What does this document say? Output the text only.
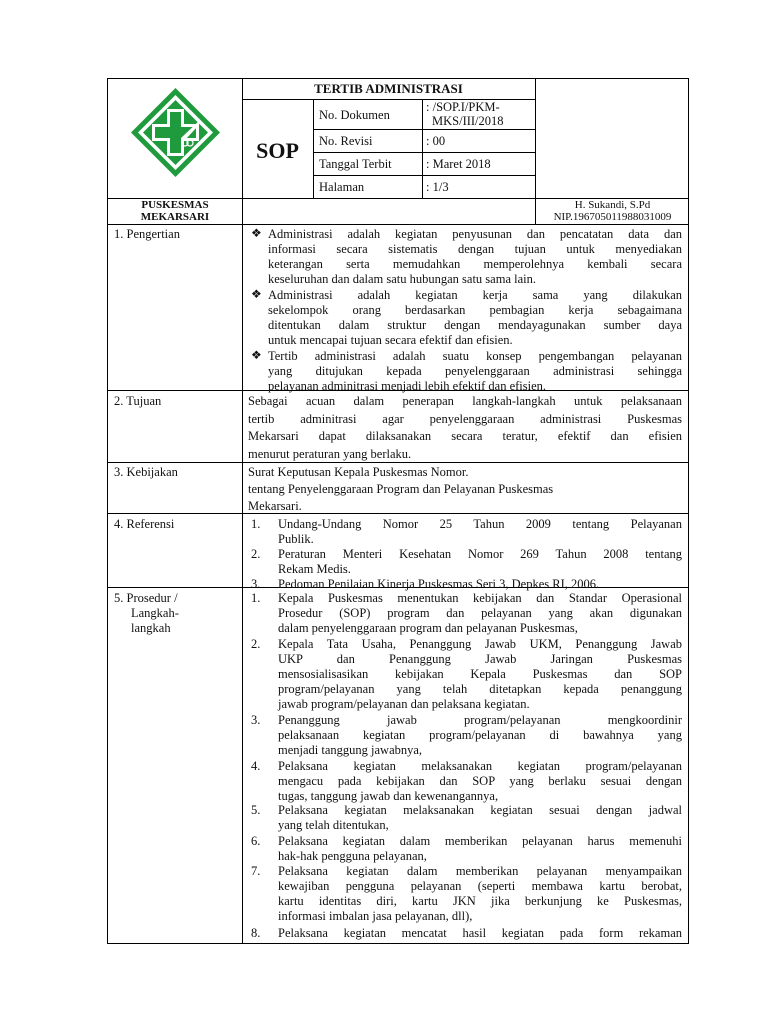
TERTIB ADMINISTRASI
SOP
No. Dokumen
: /SOP.I/PKM-
MKS/III/2018
No. Revisi	: 00
Tanggal Terbit	: Maret 2018
Halaman	: 1/3
PUSKESMAS
MEKARSARI
H. Sukandi, S.Pd
NIP.196705011988031009
1. Pengertian	❖ Administrasi adalah kegiatan penyusunan dan pencatatan data dan
informasi secara sistematis dengan tujuan untuk menyediakan
keterangan serta memudahkan memperolehnya kembali secara
keseluruhan dan dalam satu hubungan satu sama lain.
❖ Administrasi adalah kegiatan kerja sama yang dilakukan
sekelompok orang berdasarkan pembagian kerja sebagaimana
ditentukan dalam struktur dengan mendayagunakan sumber daya
untuk mencapai tujuan secara efektif dan efisien.
❖ Tertib administrasi adalah suatu konsep pengembangan pelayanan
yang ditujukan kepada penyelenggaraan administrasi sehingga
pelayanan adminitrasi menjadi lebih efektif dan efisien.
2. Tujuan	Sebagai acuan dalam penerapan langkah-langkah untuk pelaksanaan
tertib adminitrasi agar penyelenggaraan administrasi Puskesmas
Mekarsari dapat dilaksanakan secara teratur, efektif dan efisien
menurut peraturan yang berlaku.
3. Kebijakan	Surat Keputusan Kepala Puskesmas Nomor.
tentang Penyelenggaraan Program dan Pelayanan Puskesmas
Mekarsari.
4. Referensi	1. Undang-Undang Nomor 25 Tahun 2009 tentang Pelayanan
Publik.
2. Peraturan Menteri Kesehatan Nomor 269 Tahun 2008 tentang
Rekam Medis.
3. Pedoman Penilaian Kinerja Puskesmas Seri 3, Depkes RI, 2006.
5. Prosedur /
Langkah-
langkah
1. Kepala Puskesmas menentukan kebijakan dan Standar Operasional
Prosedur (SOP) program dan pelayanan yang akan digunakan
dalam penyelenggaraan program dan pelayanan Puskesmas,
2. Kepala Tata Usaha, Penanggung Jawab UKM, Penanggung Jawab
UKP dan Penanggung Jawab Jaringan Puskesmas
mensosialisasikan kebijakan Kepala Puskesmas dan SOP
program/pelayanan yang telah ditetapkan kepada penanggung
jawab program/pelayanan dan pelaksana kegiatan.
3. Penanggung jawab program/pelayanan mengkoordinir
pelaksanaan kegiatan program/pelayanan di bawahnya yang
menjadi tanggung jawabnya,
4. Pelaksana kegiatan melaksanakan kegiatan program/pelayanan
mengacu pada kebijakan dan SOP yang berlaku sesuai dengan
tugas, tanggung jawab dan kewenangannya,
5. Pelaksana kegiatan melaksanakan kegiatan sesuai dengan jadwal
yang telah ditentukan,
6. Pelaksana kegiatan dalam memberikan pelayanan harus memenuhi
hak-hak pengguna pelayanan,
7. Pelaksana kegiatan dalam memberikan pelayanan menyampaikan
kewajiban pengguna pelayanan (seperti membawa kartu berobat,
kartu identitas diri, kartu JKN jika berkunjung ke Puskesmas,
informasi imbalan jasa pelayanan, dll),
8. Pelaksana kegiatan mencatat hasil kegiatan pada form rekaman
